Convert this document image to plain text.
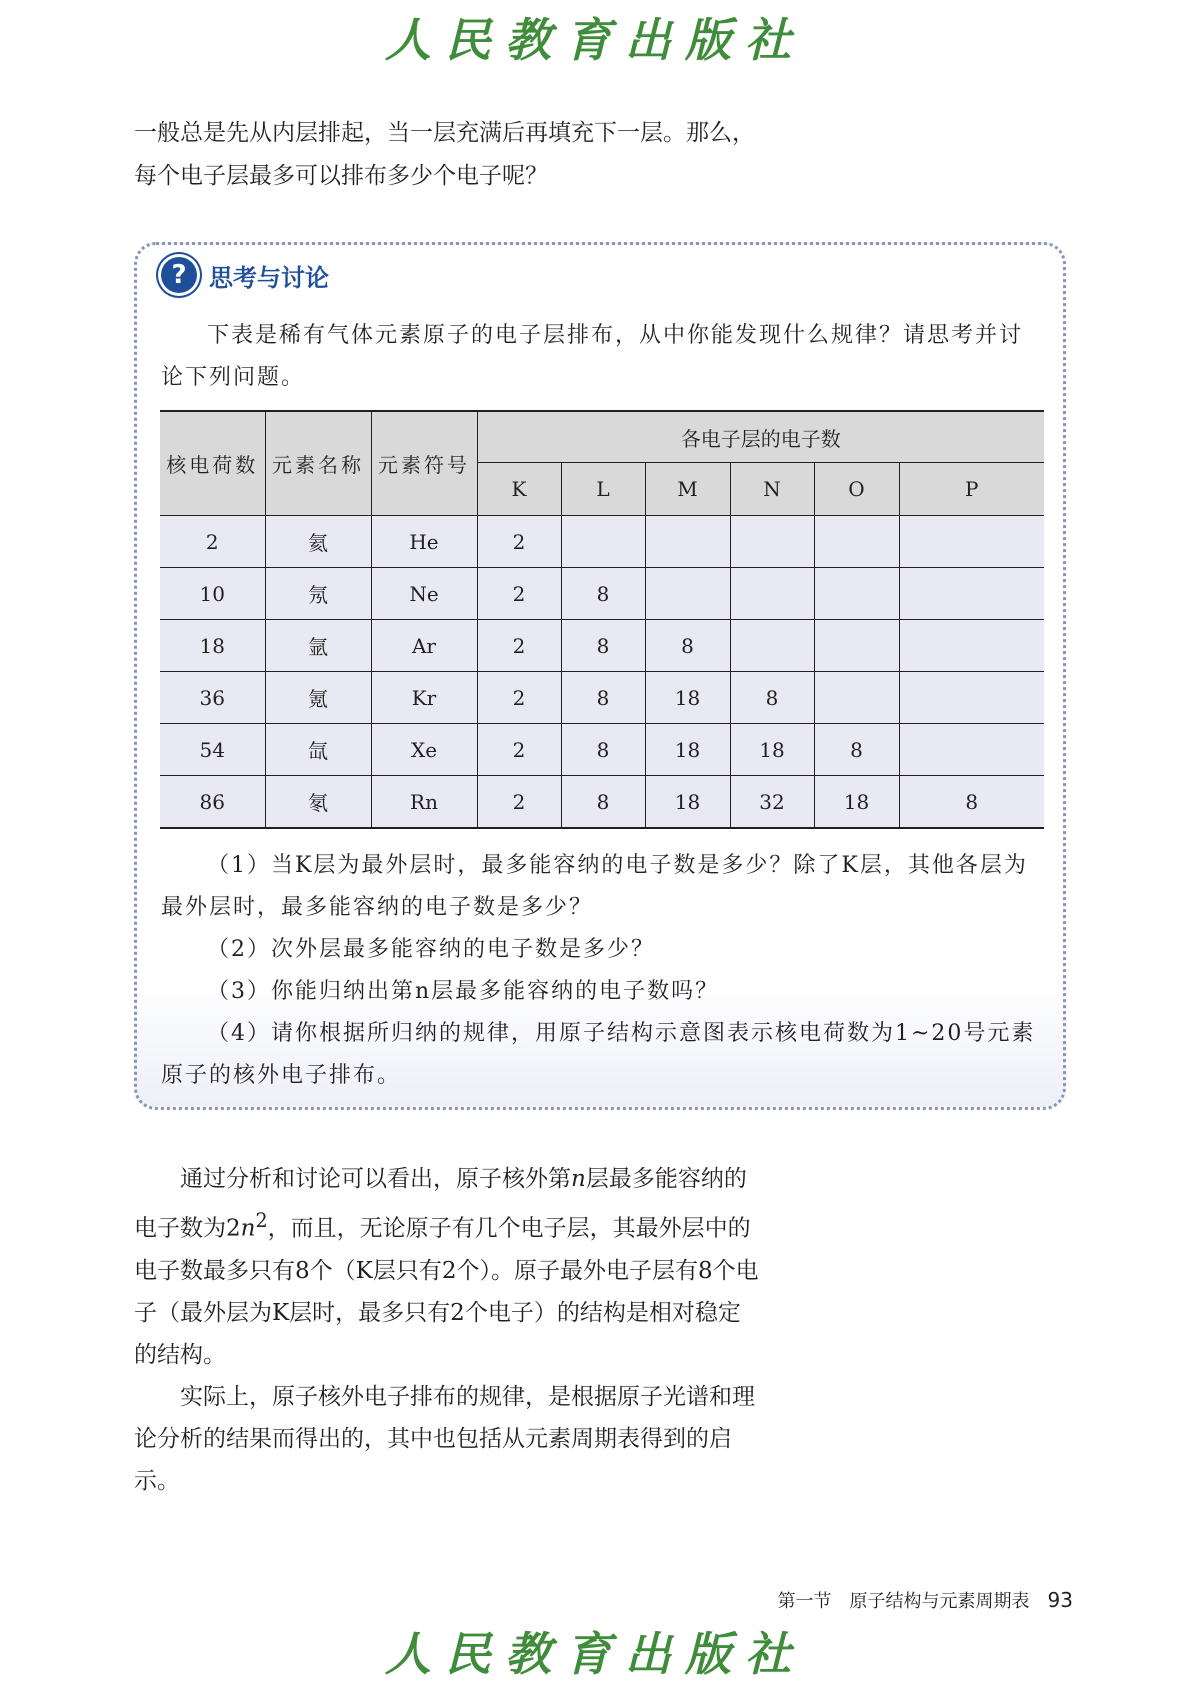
人民教育出版社

一般总是先从内层排起，当一层充满后再填充下一层。那么，每个电子层最多可以排布多少个电子呢？

? 思考与讨论

下表是稀有气体元素原子的电子层排布，从中你能发现什么规律？请思考并讨论下列问题。

核电荷数	元素名称	元素符号	各电子层的电子数					
			K	L	M	N	O	P
2	氦	He	2					
10	氖	Ne	2	8				
18	氩	Ar	2	8	8			
36	氪	Kr	2	8	18	8		
54	氙	Xe	2	8	18	18	8	
86	氡	Rn	2	8	18	32	18	8

（1）当K层为最外层时，最多能容纳的电子数是多少？除了K层，其他各层为最外层时，最多能容纳的电子数是多少？

（2）次外层最多能容纳的电子数是多少？

（3）你能归纳出第n层最多能容纳的电子数吗？

（4）请你根据所归纳的规律，用原子结构示意图表示核电荷数为1~20号元素原子的核外电子排布。

通过分析和讨论可以看出，原子核外第n层最多能容纳的电子数为$2n^2$，而且，无论原子有几个电子层，其最外层中的电子数最多只有8个（K层只有2个）。原子最外电子层有8个电子（最外层为K层时，最多只有2个电子）的结构是相对稳定的结构。

实际上，原子核外电子排布的规律，是根据原子光谱和理论分析的结果而得出的，其中也包括从元素周期表得到的启示。

第一节　原子结构与元素周期表 93
人民教育出版社
